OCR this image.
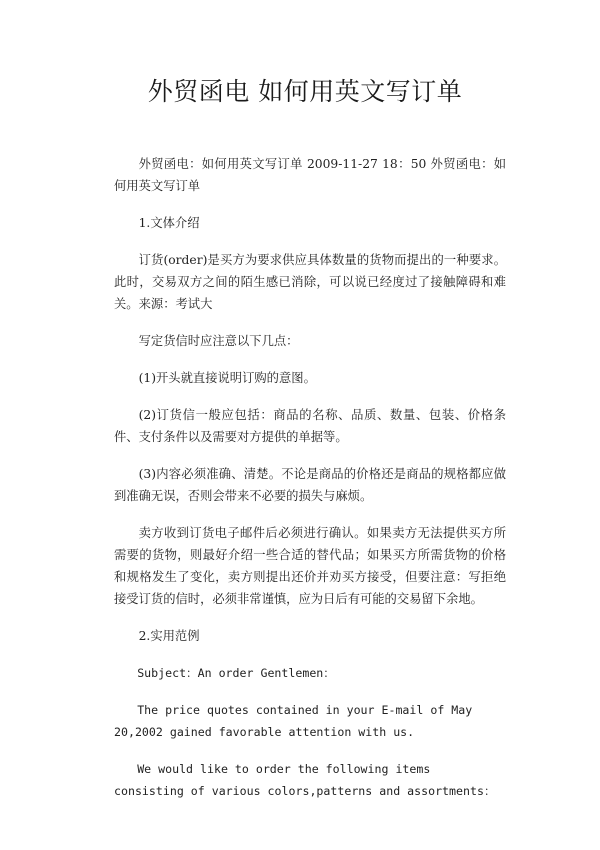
外贸函电 如何用英文写订单

外贸函电：如何用英文写订单 2009-11-27 18：50 外贸函电：如何用英文写订单

1.文体介绍

订货(order)是买方为要求供应具体数量的货物而提出的一种要求。此时，交易双方之间的陌生感已消除，可以说已经度过了接触障碍和难关。来源：考试大

写定货信时应注意以下几点：

(1)开头就直接说明订购的意图。

(2)订货信一般应包括：商品的名称、品质、数量、包装、价格条件、支付条件以及需要对方提供的单据等。

(3)内容必须准确、清楚。不论是商品的价格还是商品的规格都应做到准确无误，否则会带来不必要的损失与麻烦。

卖方收到订货电子邮件后必须进行确认。如果卖方无法提供买方所需要的货物，则最好介绍一些合适的替代品；如果买方所需货物的价格和规格发生了变化，卖方则提出还价并劝买方接受，但要注意：写拒绝接受订货的信时，必须非常谨慎，应为日后有可能的交易留下余地。

2.实用范例

Subject：An order Gentlemen：

The price quotes contained in your E-mail of May 20,2002 gained favorable attention with us.

We would like to order the following items consisting of various colors,patterns and assortments：
